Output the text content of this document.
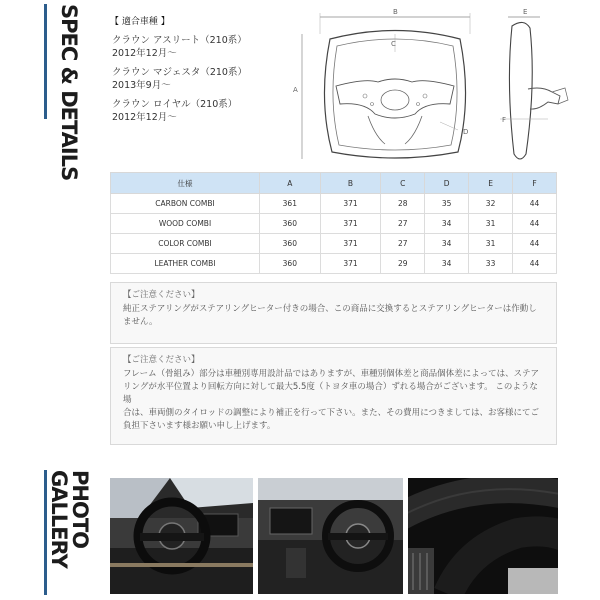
SPEC & DETAILS
PHOTO GALLERY
【 適合車種 】
クラウン アスリート（210系）
2012年12月～
クラウン マジェスタ（210系）
2013年9月～
クラウン ロイヤル（210系）
2012年12月～
B
A
C
D
E
F
仕様	A	B	C	D	E	F
CARBON COMBI	361	371	28	35	32	44
WOOD COMBI	360	371	27	34	31	44
COLOR COMBI	360	371	27	34	31	44
LEATHER COMBI	360	371	29	34	33	44
【ご注意ください】
純正ステアリングがステアリングヒーター付きの場合、この商品に交換するとステアリングヒーターは作動し
ません。
【ご注意ください】
フレーム（骨組み）部分は車種別専用設計品ではありますが、車種別個体差と商品個体差によっては、ステア
リングが水平位置より回転方向に対して最大5.5度（トヨタ車の場合）ずれる場合がございます。 このような場
合は、車両側のタイロッドの調整により補正を行って下さい。また、その費用につきましては、お客様にてご
負担下さいます様お願い申し上げます。
